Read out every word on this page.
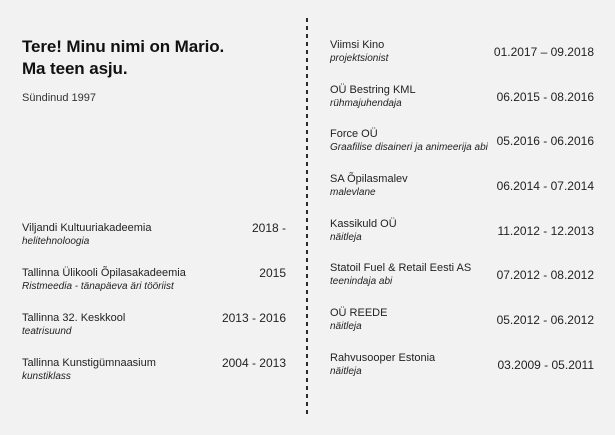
Tere! Minu nimi on Mario.
Ma teen asju.
Sündinud 1997
Viljandi Kultuuriakadeemia
helitehnoloogia
2018 -
Tallinna Ülikooli Õpilasakadeemia
Ristmeedia - tänapäeva äri tööriist
2015
Tallinna 32. Keskkool
teatrisuund
2013 - 2016
Tallinna Kunstigümnaasium
kunstiklass
2004 - 2013
Viimsi Kino
projektsionist	01.2017 – 09.2018
OÜ Bestring KML
rühmajuhendaja	06.2015 - 08.2016
Force OÜ
Graafilise disaineri ja animeerija abi 05.2016 - 06.2016
SA Õpilasmalev
malevlane	06.2014 - 07.2014
Kassikuld OÜ
näitleja	11.2012 - 12.2013
Statoil Fuel & Retail Eesti AS
teenindaja abi	07.2012 - 08.2012
OÜ REEDE
näitleja	05.2012 - 06.2012
Rahvusooper Estonia
näitleja	03.2009 - 05.2011
